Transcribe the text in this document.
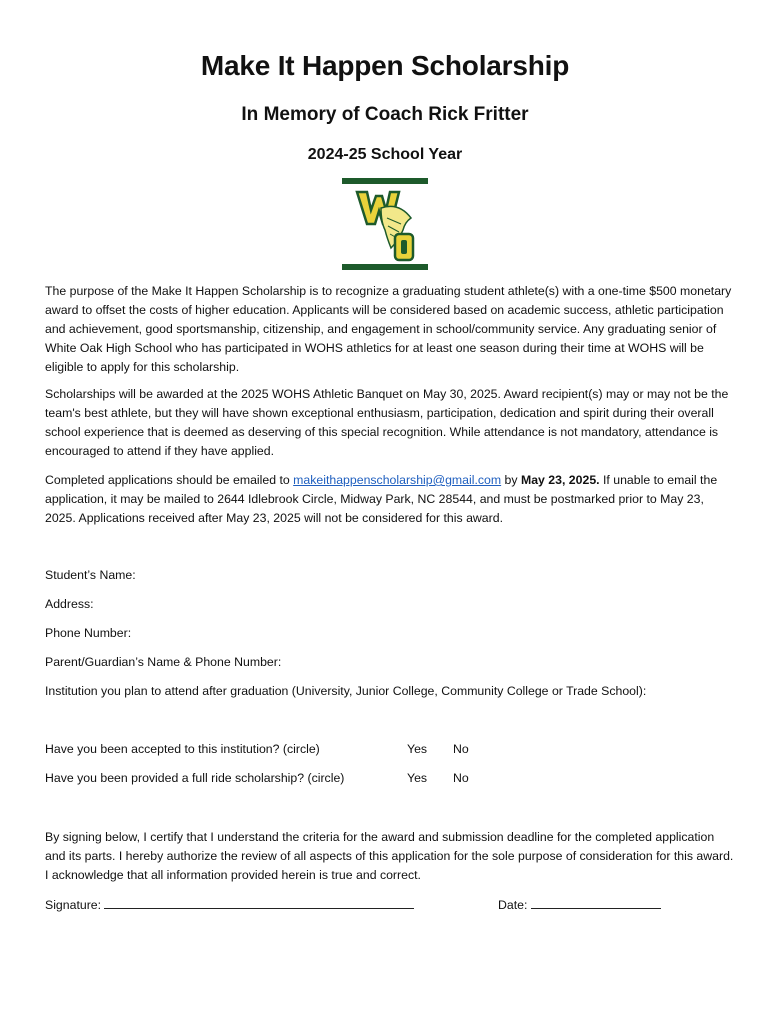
Make It Happen Scholarship
In Memory of Coach Rick Fritter
2024-25 School Year

The purpose of the Make It Happen Scholarship is to recognize a graduating student athlete(s) with a one-time $500 monetary award to offset the costs of higher education. Applicants will be considered based on academic success, athletic participation and achievement, good sportsmanship, citizenship, and engagement in school/community service. Any graduating senior of White Oak High School who has participated in WOHS athletics for at least one season during their time at WOHS will be eligible to apply for this scholarship.

Scholarships will be awarded at the 2025 WOHS Athletic Banquet on May 30, 2025. Award recipient(s) may or may not be the team's best athlete, but they will have shown exceptional enthusiasm, participation, dedication and spirit during their overall school experience that is deemed as deserving of this special recognition. While attendance is not mandatory, attendance is encouraged to attend if they have applied.

Completed applications should be emailed to makeithappenscholarship@gmail.com by May 23, 2025. If unable to email the application, it may be mailed to 2644 Idlebrook Circle, Midway Park, NC 28544, and must be postmarked prior to May 23, 2025. Applications received after May 23, 2025 will not be considered for this award.

Student’s Name:
Address:
Phone Number:
Parent/Guardian’s Name & Phone Number:
Institution you plan to attend after graduation (University, Junior College, Community College or Trade School):
Have you been accepted to this institution? (circle)	Yes No
Have you been provided a full ride scholarship? (circle)	Yes No

By signing below, I certify that I understand the criteria for the award and submission deadline for the completed application and its parts. I hereby authorize the review of all aspects of this application for the sole purpose of consideration for this award. I acknowledge that all information provided herein is true and correct.

Signature:	Date:
